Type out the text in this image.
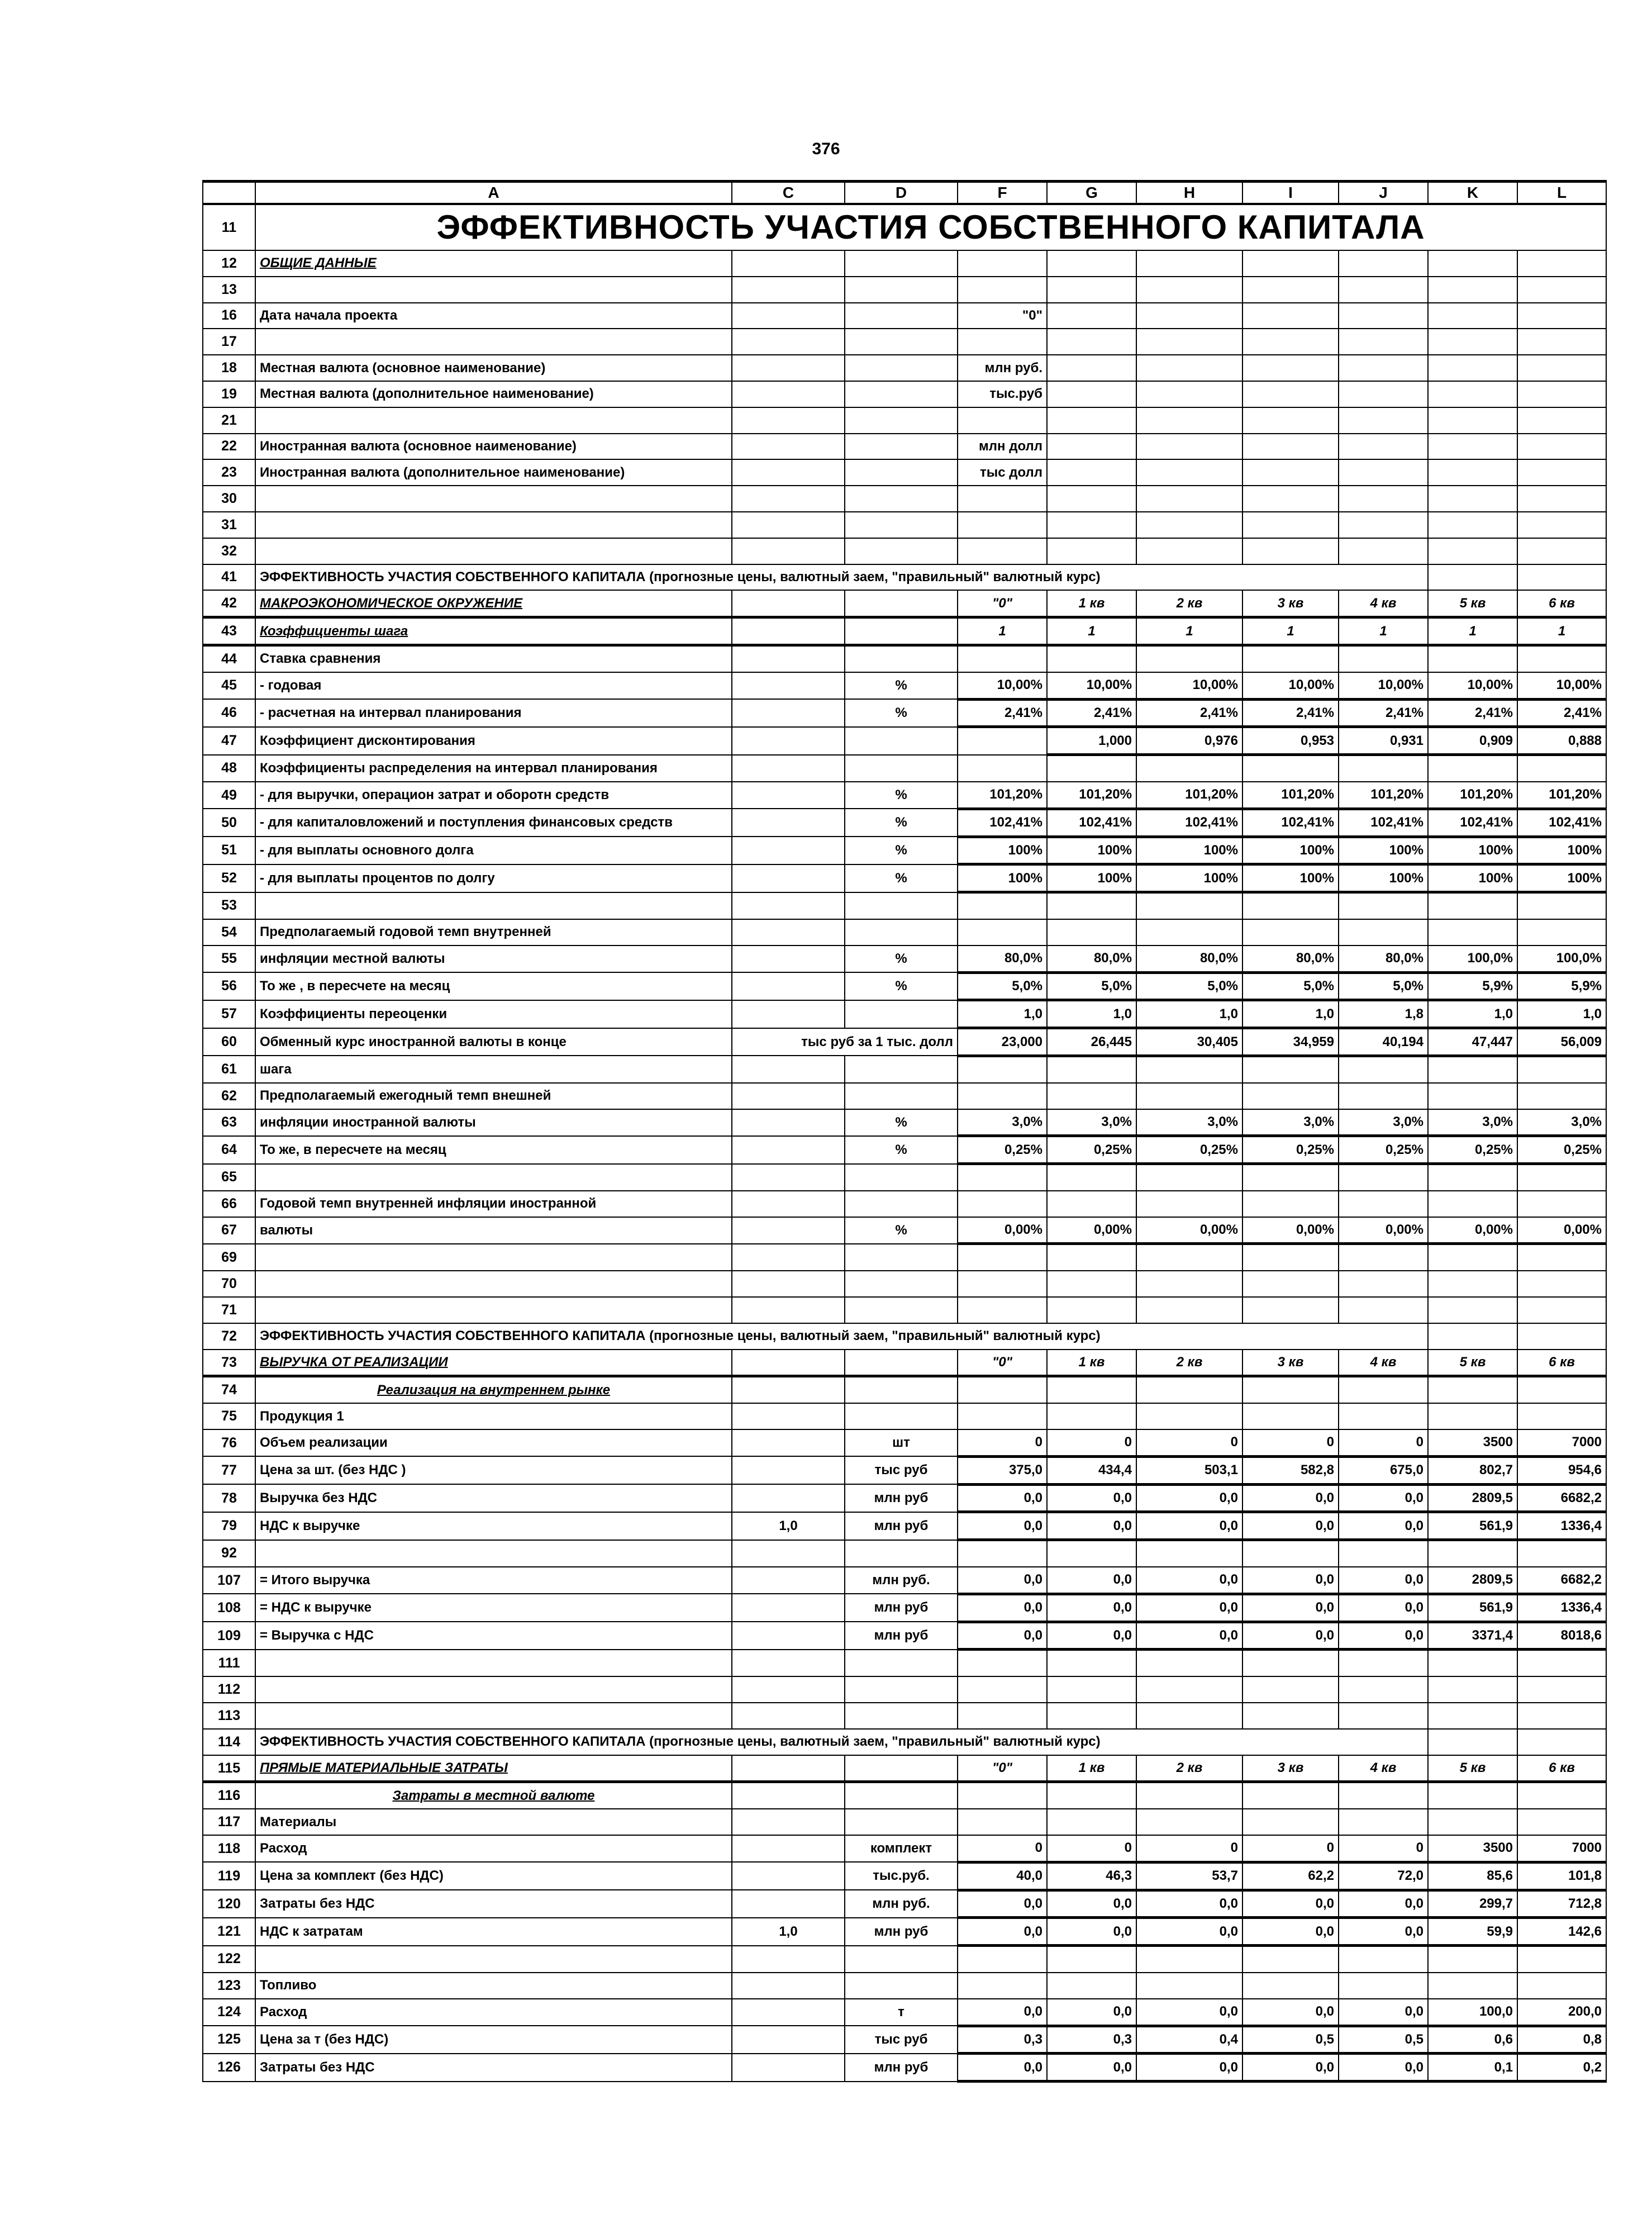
376
	A	C	D	F	G	H	I	J	K	L
11	ЭФФЕКТИВНОСТЬ УЧАСТИЯ СОБСТВЕННОГО КАПИТАЛА									
12	ОБЩИЕ ДАННЫЕ									
13										
16	Дата начала проекта			"0"						
17										
18	Местная валюта (основное наименование)			млн руб.						
19	Местная валюта (дополнительное наименование)			тыс.руб						
21										
22	Иностранная валюта (основное наименование)			млн долл						
23	Иностранная валюта (дополнительное наименование)			тыс долл						
30										
31										
32										
41	ЭФФЕКТИВНОСТЬ УЧАСТИЯ СОБСТВЕННОГО КАПИТАЛА (прогнозные цены, валютный заем, "правильный" валютный курс)									
42	МАКРОЭКОНОМИЧЕСКОЕ ОКРУЖЕНИЕ			"0"	1 кв	2 кв	3 кв	4 кв	5 кв	6 кв
43	Коэффициенты шага			1	1	1	1	1	1	1
44	Ставка сравнения									
45	- годовая		%	10,00%	10,00%	10,00%	10,00%	10,00%	10,00%	10,00%
46	- расчетная на интервал планирования		%	2,41%	2,41%	2,41%	2,41%	2,41%	2,41%	2,41%
47	Коэффициент дисконтирования				1,000	0,976	0,953	0,931	0,909	0,888
48	Коэффициенты распределения на интервал планирования									
49	- для выручки, операцион затрат и оборотн средств		%	101,20%	101,20%	101,20%	101,20%	101,20%	101,20%	101,20%
50	- для капиталовложений и поступления финансовых средств		%	102,41%	102,41%	102,41%	102,41%	102,41%	102,41%	102,41%
51	- для выплаты основного долга		%	100%	100%	100%	100%	100%	100%	100%
52	- для выплаты процентов по долгу		%	100%	100%	100%	100%	100%	100%	100%
53										
54	Предполагаемый годовой темп внутренней									
55	инфляции местной валюты		%	80,0%	80,0%	80,0%	80,0%	80,0%	100,0%	100,0%
56	То же , в пересчете на месяц		%	5,0%	5,0%	5,0%	5,0%	5,0%	5,9%	5,9%
57	Коэффициенты переоценки			1,0	1,0	1,0	1,0	1,8	1,0	1,0
60	Обменный курс иностранной валюты в конце	тыс руб за 1 тыс. долл		23,000	26,445	30,405	34,959	40,194	47,447	56,009
61	шага									
62	Предполагаемый ежегодный темп внешней									
63	инфляции иностранной валюты		%	3,0%	3,0%	3,0%	3,0%	3,0%	3,0%	3,0%
64	То же, в пересчете на месяц		%	0,25%	0,25%	0,25%	0,25%	0,25%	0,25%	0,25%
65										
66	Годовой темп внутренней инфляции иностранной									
67	валюты		%	0,00%	0,00%	0,00%	0,00%	0,00%	0,00%	0,00%
69										
70										
71										
72	ЭФФЕКТИВНОСТЬ УЧАСТИЯ СОБСТВЕННОГО КАПИТАЛА (прогнозные цены, валютный заем, "правильный" валютный курс)									
73	ВЫРУЧКА ОТ РЕАЛИЗАЦИИ			"0"	1 кв	2 кв	3 кв	4 кв	5 кв	6 кв
74	Реализация на внутреннем рынке									
75	Продукция 1									
76	Объем реализации		шт	0	0	0	0	0	3500	7000
77	Цена за шт. (без НДС )		тыс руб	375,0	434,4	503,1	582,8	675,0	802,7	954,6
78	Выручка без НДС		млн руб	0,0	0,0	0,0	0,0	0,0	2809,5	6682,2
79	НДС к выручке	1,0	млн руб	0,0	0,0	0,0	0,0	0,0	561,9	1336,4
92										
107	= Итого выручка		млн руб.	0,0	0,0	0,0	0,0	0,0	2809,5	6682,2
108	= НДС к выручке		млн руб	0,0	0,0	0,0	0,0	0,0	561,9	1336,4
109	= Выручка с НДС		млн руб	0,0	0,0	0,0	0,0	0,0	3371,4	8018,6
111										
112										
113										
114	ЭФФЕКТИВНОСТЬ УЧАСТИЯ СОБСТВЕННОГО КАПИТАЛА (прогнозные цены, валютный заем, "правильный" валютный курс)									
115	ПРЯМЫЕ МАТЕРИАЛЬНЫЕ ЗАТРАТЫ			"0"	1 кв	2 кв	3 кв	4 кв	5 кв	6 кв
116	Затраты в местной валюте									
117	Материалы									
118	Расход		комплект	0	0	0	0	0	3500	7000
119	Цена за комплект (без НДС)		тыс.руб.	40,0	46,3	53,7	62,2	72,0	85,6	101,8
120	Затраты без НДС		млн руб.	0,0	0,0	0,0	0,0	0,0	299,7	712,8
121	НДС к затратам	1,0	млн руб	0,0	0,0	0,0	0,0	0,0	59,9	142,6
122										
123	Топливо									
124	Расход		т	0,0	0,0	0,0	0,0	0,0	100,0	200,0
125	Цена за т (без НДС)		тыс руб	0,3	0,3	0,4	0,5	0,5	0,6	0,8
126	Затраты без НДС		млн руб	0,0	0,0	0,0	0,0	0,0	0,1	0,2
